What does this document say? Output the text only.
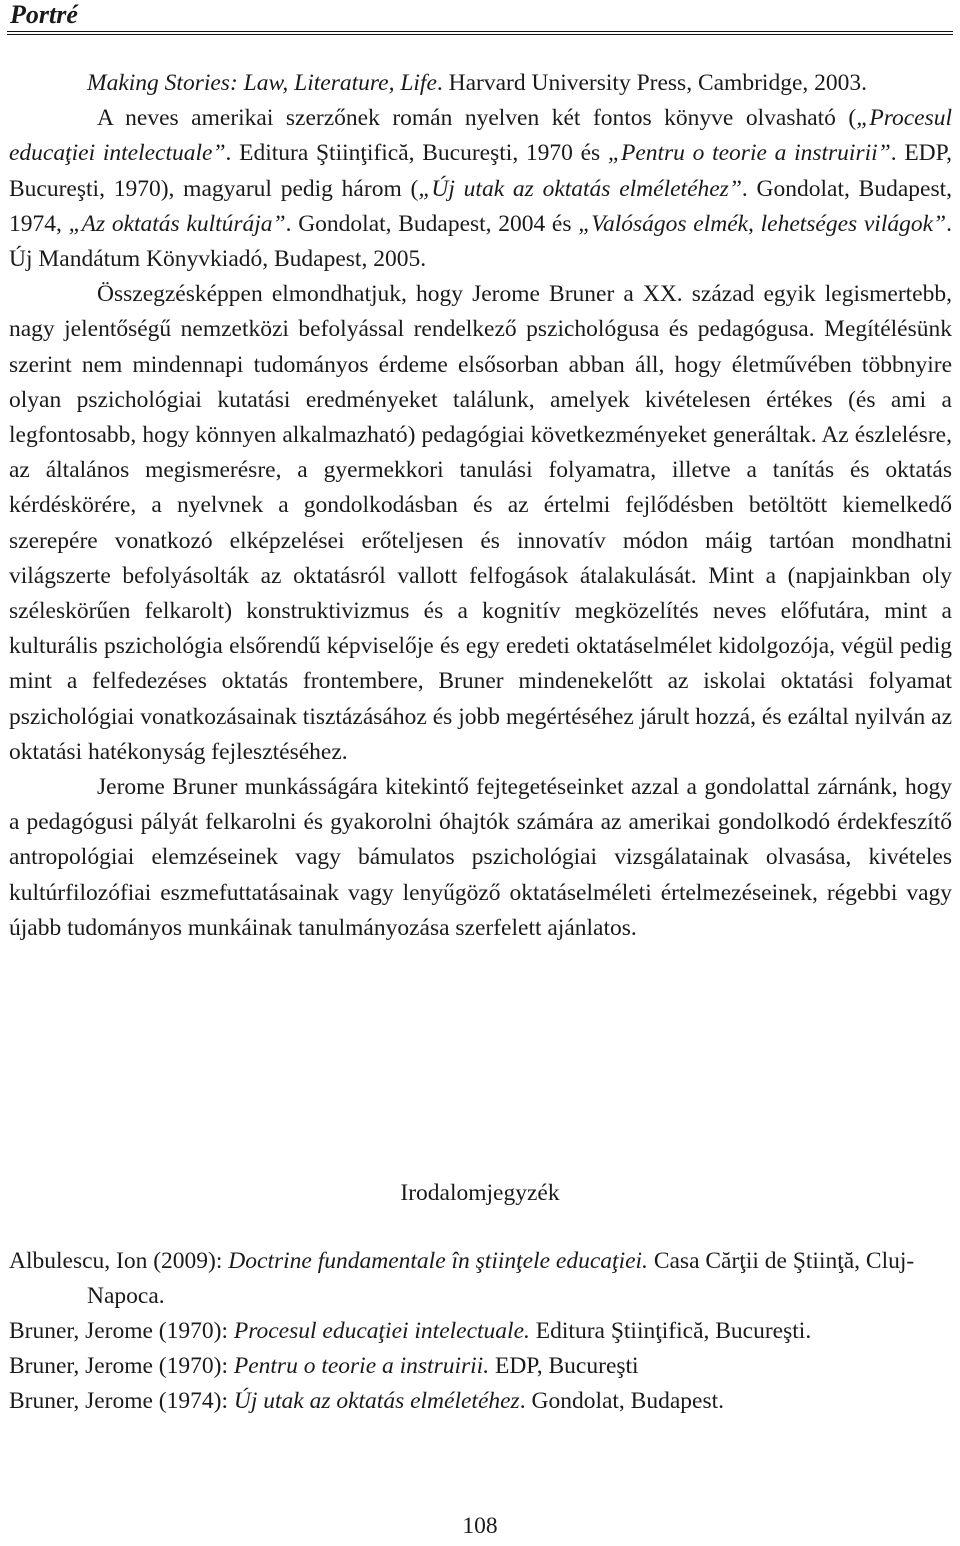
Portré

Making Stories: Law, Literature, Life. Harvard University Press, Cambridge, 2003.

A neves amerikai szerzőnek román nyelven két fontos könyve olvasható („Procesul educaţiei intelectuale”. Editura Ştiinţifică, Bucureşti, 1970 és „Pentru o teorie a instruirii”. EDP, Bucureşti, 1970), magyarul pedig három („Új utak az oktatás elméletéhez”. Gondolat, Budapest, 1974, „Az oktatás kultúrája”. Gondolat, Budapest, 2004 és „Valóságos elmék, lehetséges világok”. Új Mandátum Könyvkiadó, Budapest, 2005.

Összegzésképpen elmondhatjuk, hogy Jerome Bruner a XX. század egyik legismertebb, nagy jelentőségű nemzetközi befolyással rendelkező pszichológusa és pedagógusa. Megítélésünk szerint nem mindennapi tudományos érdeme elsősorban abban áll, hogy életművében többnyire olyan pszichológiai kutatási eredményeket találunk, amelyek kivételesen értékes (és ami a legfontosabb, hogy könnyen alkalmazható) pedagógiai következményeket generáltak. Az észlelésre, az általános megismerésre, a gyermekkori tanulási folyamatra, illetve a tanítás és oktatás kérdéskörére, a nyelvnek a gondolkodásban és az értelmi fejlődésben betöltött kiemelkedő szerepére vonatkozó elképzelései erőteljesen és innovatív módon máig tartóan mondhatni világszerte befolyásolták az oktatásról vallott felfogások átalakulását. Mint a (napjainkban oly széleskörűen felkarolt) konstruktivizmus és a kognitív megközelítés neves előfutára, mint a kulturális pszichológia elsőrendű képviselője és egy eredeti oktatáselmélet kidolgozója, végül pedig mint a felfedezéses oktatás frontembere, Bruner mindenekelőtt az iskolai oktatási folyamat pszichológiai vonatkozásainak tisztázásához és jobb megértéséhez járult hozzá, és ezáltal nyilván az oktatási hatékonyság fejlesztéséhez.

Jerome Bruner munkásságára kitekintő fejtegetéseinket azzal a gondolattal zárnánk, hogy a pedagógusi pályát felkarolni és gyakorolni óhajtók számára az amerikai gondolkodó érdekfeszítő antropológiai elemzéseinek vagy bámulatos pszichológiai vizsgálatainak olvasása, kivételes kultúrfilozófiai eszmefuttatásainak vagy lenyűgöző oktatáselméleti értelmezéseinek, régebbi vagy újabb tudományos munkáinak tanulmányozása szerfelett ajánlatos.

Irodalomjegyzék

Albulescu, Ion (2009): Doctrine fundamentale în ştiinţele educaţiei. Casa Cărţii de Ştiinţă, Cluj-Napoca.

Bruner, Jerome (1970): Procesul educaţiei intelectuale. Editura Ştiinţifică, Bucureşti.

Bruner, Jerome (1970): Pentru o teorie a instruirii. EDP, Bucureşti

Bruner, Jerome (1974): Új utak az oktatás elméletéhez. Gondolat, Budapest.

108
